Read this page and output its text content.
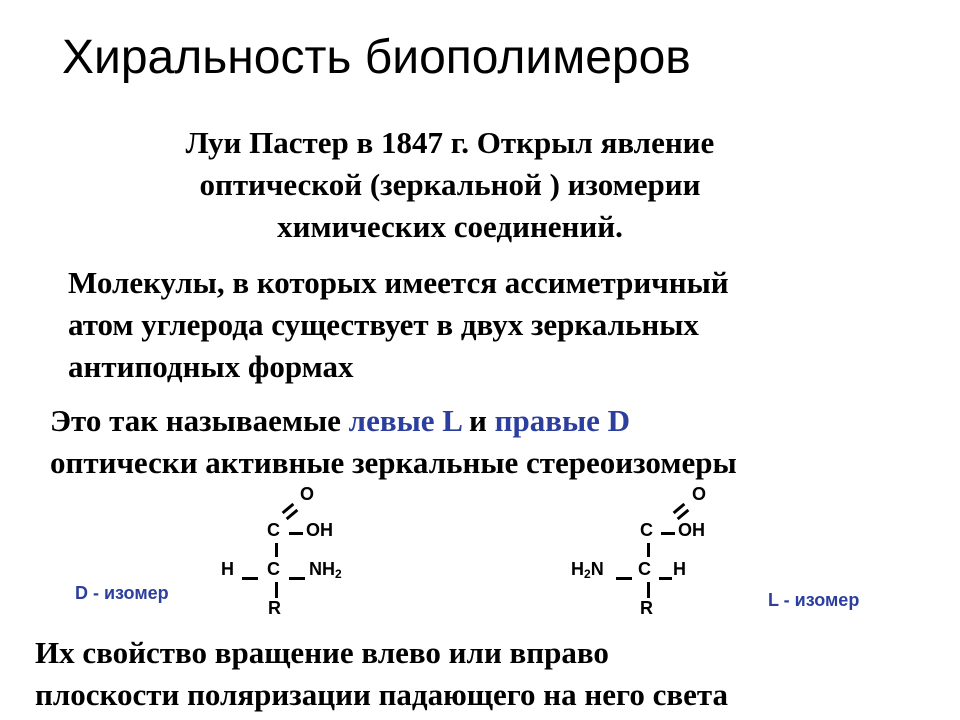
Хиральность биополимеров
Луи Пастер в 1847 г. Открыл явление
оптической (зеркальной ) изомерии
химических соединений.
Молекулы, в которых имеется ассиметричный
атом углерода существует в двух зеркальных
антиподных формах
Это так называемые левые L и правые D
оптически активные зеркальные стереоизомеры
D - изомер
O
C OH
H C $NH_2$
R	L - изомер
O
C OH
$H_2N$ C H
R
Их свойство вращение влево или вправо
плоскости поляризации падающего на него света
